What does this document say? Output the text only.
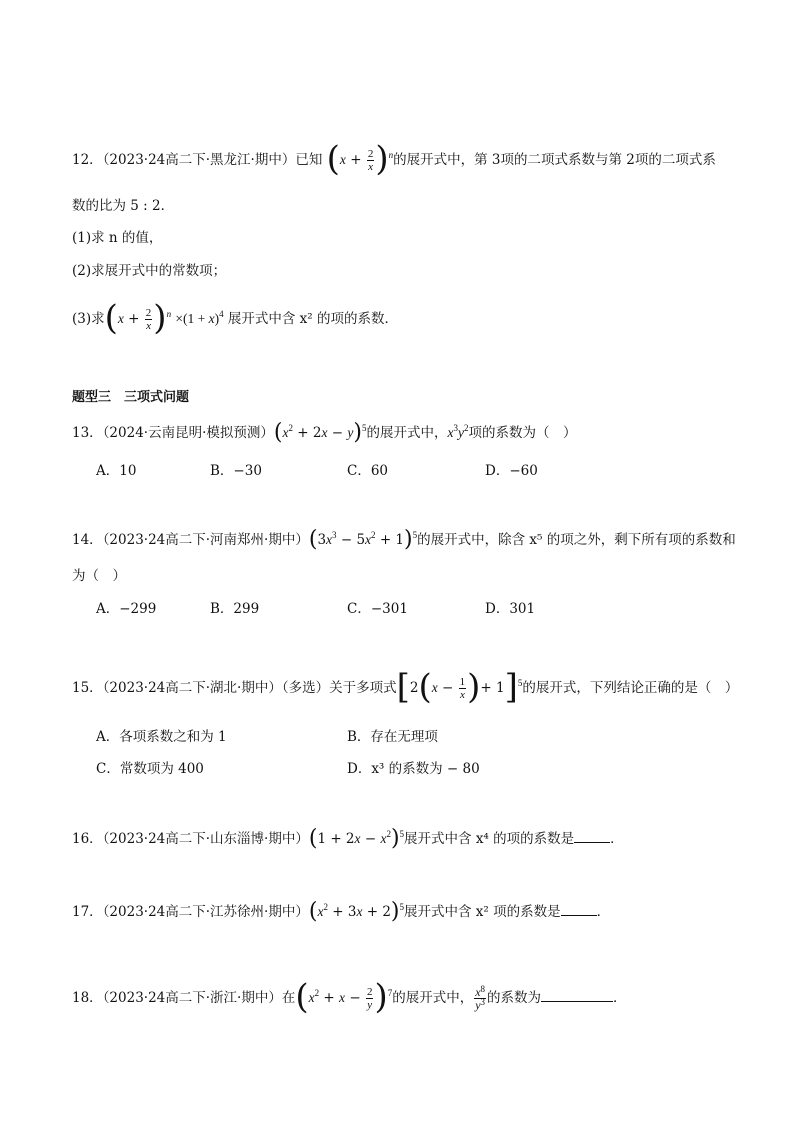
12．（2023·24高二下·黑龙江·期中）已知 $(x + \frac{2}{x} )^n$的展开式中，第 3项的二项式系数与第 2项的二项式系
数的比为 5 : 2．
(1)求 n 的值，
(2)求展开式中的常数项；
(3)求$(x + \frac{2}{x} )^n \times(1 + x)^4$ 展开式中含 x² 的项的系数．
题型三　三项式问题
13．（2024·云南昆明·模拟预测）$(x^2 + 2x - y)^5$的展开式中，$x^3y^2$项的系数为（　）
A．10	B．−30	C．60	D．−60
14．（2023·24高二下·河南郑州·期中）$(3x^3 - 5x^2 + 1)^5$的展开式中，除含 x⁵ 的项之外，剩下所有项的系数和
为（　）
A．−299	B．299	C．−301	D．301
15．（2023·24高二下·湖北·期中）（多选）关于多项式[$2(x - \frac{1}{x}$ )+ 1]$^5$的展开式，下列结论正确的是（　）
A．各项系数之和为 1	B．存在无理项
C．常数项为 400	D．x³ 的系数为 − 80
16．（2023·24高二下·山东淄博·期中）$(1 + 2x - x^2)^5$展开式中含 x⁴ 的项的系数是	．
17．（2023·24高二下·江苏徐州·期中）$(x^2 + 3x + 2)^5$展开式中含 x² 项的系数是	．
18．（2023·24高二下·浙江·期中）在$(x^2 + x - \frac{2}{y} )^7$的展开式中， $\frac{x^8}{y^3}$ 的系数为	．
